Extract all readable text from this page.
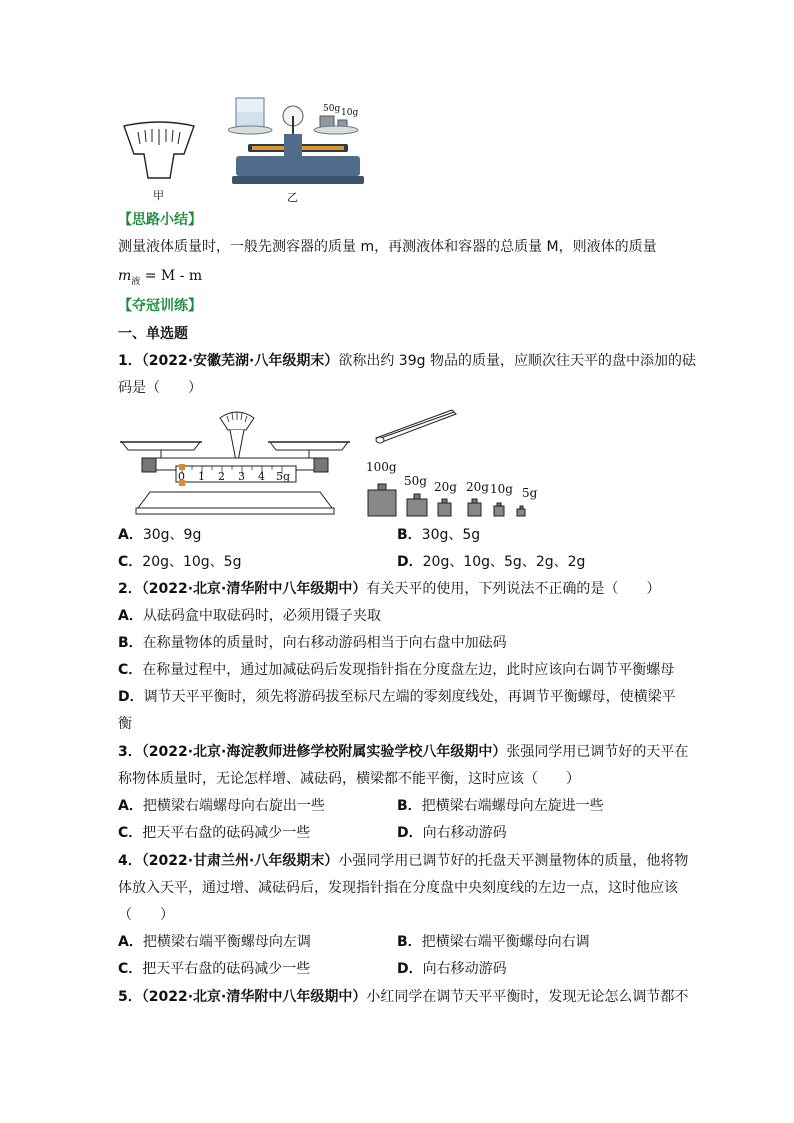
甲
50g 10g
乙
【思路小结】
测量液体质量时，一般先测容器的质量 m，再测液体和容器的总质量 M，则液体的质量
$m_液 = M - m$
【夺冠训练】
一、单选题
1．（2022·安徽芜湖·八年级期末）欲称出约 39g 物品的质量，应顺次往天平的盘中添加的砝
码是（　　）
0 1 2 3 4 5g
100g
50g 20g 20g 10g 5g
A．30g、9g	B．30g、5g
C．20g、10g、5g	D．20g、10g、5g、2g、2g
2．（2022·北京·清华附中八年级期中）有关天平的使用，下列说法不正确的是（　　）
A．从砝码盒中取砝码时，必须用镊子夹取
B．在称量物体的质量时，向右移动游码相当于向右盘中加砝码
C．在称量过程中，通过加减砝码后发现指针指在分度盘左边，此时应该向右调节平衡螺母
D．调节天平平衡时，须先将游码拔至标尺左端的零刻度线处，再调节平衡螺母，使横梁平
衡
3．（2022·北京·海淀教师进修学校附属实验学校八年级期中）张强同学用已调节好的天平在
称物体质量时，无论怎样增、减砝码，横梁都不能平衡，这时应该（　　）
A．把横梁右端螺母向右旋出一些	B．把横梁右端螺母向左旋进一些
C．把天平右盘的砝码减少一些	D．向右移动游码
4．（2022·甘肃兰州·八年级期末）小强同学用已调节好的托盘天平测量物体的质量，他将物
体放入天平，通过增、减砝码后，发现指针指在分度盘中央刻度线的左边一点，这时他应该
（　　）
A．把横梁右端平衡螺母向左调	B．把横梁右端平衡螺母向右调
C．把天平右盘的砝码减少一些	D．向右移动游码
5．（2022·北京·清华附中八年级期中）小红同学在调节天平平衡时，发现无论怎么调节都不
